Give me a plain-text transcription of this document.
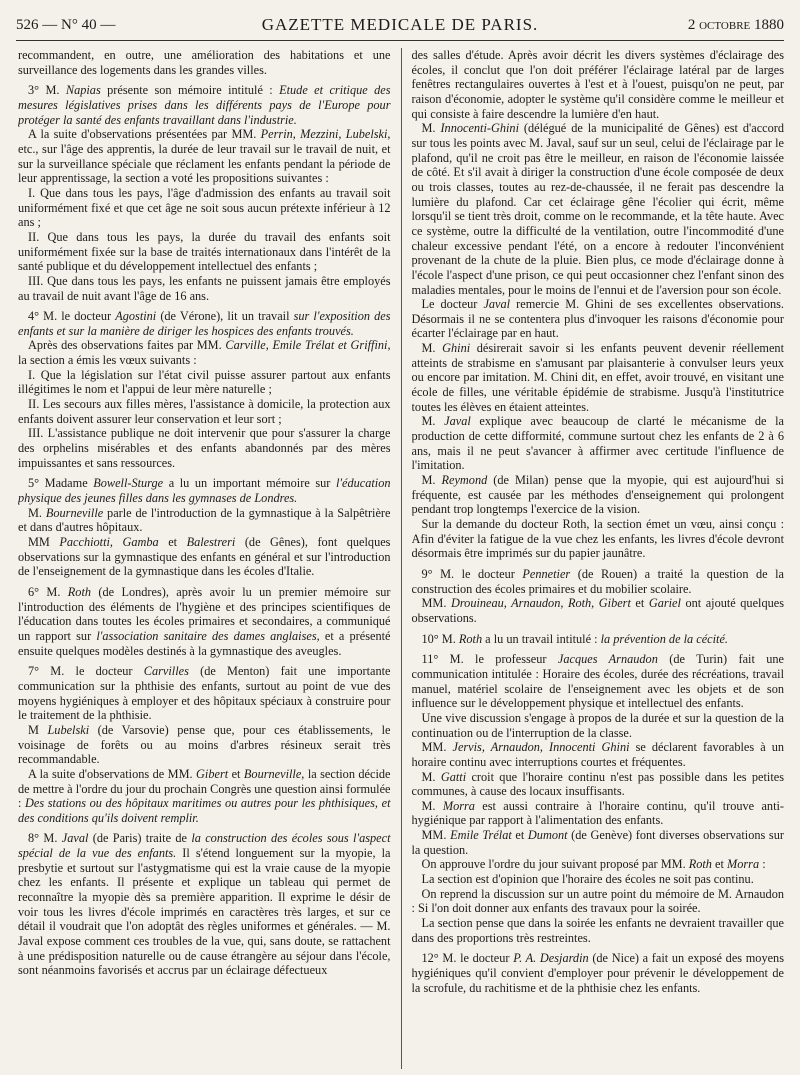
526 — N° 40 —	GAZETTE MEDICALE DE PARIS.	2 octobre 1880

recommandent, en outre, une amélioration des habitations et une surveillance des logements dans les grandes villes.

3° M. Napias présente son mémoire intitulé : Etude et critique des mesures législatives prises dans les différents pays de l'Europe pour protéger la santé des enfants travaillant dans l'industrie.

A la suite d'observations présentées par MM. Perrin, Mezzini, Lubelski, etc., sur l'âge des apprentis, la durée de leur travail sur le travail de nuit, et sur la surveillance spéciale que réclament les enfants pendant la période de leur apprentissage, la section a voté les propositions suivantes :

I. Que dans tous les pays, l'âge d'admission des enfants au travail soit uniformément fixé et que cet âge ne soit sous aucun prétexte inférieur à 12 ans ;

II. Que dans tous les pays, la durée du travail des enfants soit uniformément fixée sur la base de traités internationaux dans l'intérêt de la santé publique et du développement intellectuel des enfants ;

III. Que dans tous les pays, les enfants ne puissent jamais être employés au travail de nuit avant l'âge de 16 ans.

4° M. le docteur Agostini (de Vérone), lit un travail sur l'exposition des enfants et sur la manière de diriger les hospices des enfants trouvés.

Après des observations faites par MM. Carville, Emile Trélat et Griffini, la section a émis les vœux suivants :

I. Que la législation sur l'état civil puisse assurer partout aux enfants illégitimes le nom et l'appui de leur mère naturelle ;

II. Les secours aux filles mères, l'assistance à domicile, la protection aux enfants doivent assurer leur conservation et leur sort ;

III. L'assistance publique ne doit intervenir que pour s'assurer la charge des orphelins misérables et des enfants abandonnés par des mères impuissantes et sans ressources.

5° Madame Bowell-Sturge a lu un important mémoire sur l'éducation physique des jeunes filles dans les gymnases de Londres.

M. Bourneville parle de l'introduction de la gymnastique à la Salpêtrière et dans d'autres hôpitaux.

MM Pacchiotti, Gamba et Balestreri (de Gênes), font quelques observations sur la gymnastique des enfants en général et sur l'introduction de l'enseignement de la gymnastique dans les écoles d'Italie.

6° M. Roth (de Londres), après avoir lu un premier mémoire sur l'introduction des éléments de l'hygiène et des principes scientifiques de l'éducation dans toutes les écoles primaires et secondaires, a communiqué un rapport sur l'association sanitaire des dames anglaises, et a présenté ensuite quelques modèles destinés à la gymnastique des aveugles.

7° M. le docteur Carvilles (de Menton) fait une importante communication sur la phthisie des enfants, surtout au point de vue des moyens hygiéniques à employer et des hôpitaux spéciaux à construire pour le traitement de la phthisie.

M Lubelski (de Varsovie) pense que, pour ces établissements, le voisinage de forêts ou au moins d'arbres résineux serait très recommandable.

A la suite d'observations de MM. Gibert et Bourneville, la section décide de mettre à l'ordre du jour du prochain Congrès une question ainsi formulée : Des stations ou des hôpitaux maritimes ou autres pour les phthisiques, et des conditions qu'ils doivent remplir.

8° M. Javal (de Paris) traite de la construction des écoles sous l'aspect spécial de la vue des enfants. Il s'étend longuement sur la myopie, la presbytie et surtout sur l'astygmatisme qui est la vraie cause de la myopie chez les enfants. Il présente et explique un tableau qui permet de reconnaître la myopie dès sa première apparition. Il exprime le désir de voir tous les livres d'école imprimés en caractères très larges, et sur ce détail il voudrait que l'on adoptât des règles uniformes et générales. — M. Javal expose comment ces troubles de la vue, qui, sans doute, se rattachent à une prédisposition naturelle ou de cause étrangère au séjour dans l'école, sont néanmoins favorisés et accrus par un éclairage défectueux

des salles d'étude. Après avoir décrit les divers systèmes d'éclairage des écoles, il conclut que l'on doit préférer l'éclairage latéral par de larges fenêtres rectangulaires ouvertes à l'est et à l'ouest, puisqu'on ne peut, par raison d'économie, adopter le système qu'il considère comme le meilleur et qui consiste à faire descendre la lumière d'en haut.

M. Innocenti-Ghini (délégué de la municipalité de Gênes) est d'accord sur tous les points avec M. Javal, sauf sur un seul, celui de l'éclairage par le plafond, qu'il ne croit pas être le meilleur, en raison de l'économie laissée de côté. Et s'il avait à diriger la construction d'une école composée de deux ou trois classes, toutes au rez-de-chaussée, il ne ferait pas descendre la lumière du plafond. Car cet éclairage gêne l'écolier qui écrit, même lorsqu'il se tient très droit, comme on le recommande, et la tête haute. Avec ce système, outre la difficulté de la ventilation, outre l'incommodité d'une chaleur excessive pendant l'été, on a encore à redouter l'inconvénient provenant de la chute de la pluie. Bien plus, ce mode d'éclairage donne à l'école l'aspect d'une prison, ce qui peut occasionner chez l'enfant sinon des maladies mentales, pour le moins de l'ennui et de l'aversion pour son école.

Le docteur Javal remercie M. Ghini de ses excellentes observations. Désormais il ne se contentera plus d'invoquer les raisons d'économie pour écarter l'éclairage par en haut.

M. Ghini désirerait savoir si les enfants peuvent devenir réellement atteints de strabisme en s'amusant par plaisanterie à convulser leurs yeux ou encore par imitation. M. Chini dit, en effet, avoir trouvé, en visitant une école de filles, une véritable épidémie de strabisme. Jusqu'à l'institutrice toutes les élèves en étaient atteintes.

M. Javal explique avec beaucoup de clarté le mécanisme de la production de cette difformité, commune surtout chez les enfants de 2 à 6 ans, mais il ne peut s'avancer à affirmer avec certitude l'influence de l'imitation.

M. Reymond (de Milan) pense que la myopie, qui est aujourd'hui si fréquente, est causée par les méthodes d'enseignement qui prolongent pendant trop longtemps l'exercice de la vision.

Sur la demande du docteur Roth, la section émet un vœu, ainsi conçu : Afin d'éviter la fatigue de la vue chez les enfants, les livres d'école devront désormais être imprimés sur du papier jaunâtre.

9° M. le docteur Pennetier (de Rouen) a traité la question de la construction des écoles primaires et du mobilier scolaire.

MM. Drouineau, Arnaudon, Roth, Gibert et Gariel ont ajouté quelques observations.

10° M. Roth a lu un travail intitulé : la prévention de la cécité.

11° M. le professeur Jacques Arnaudon (de Turin) fait une communication intitulée : Horaire des écoles, durée des récréations, travail manuel, matériel scolaire de l'enseignement avec les objets et de son influence sur le développement physique et intellectuel des enfants.

Une vive discussion s'engage à propos de la durée et sur la question de la continuation ou de l'interruption de la classe.

MM. Jervis, Arnaudon, Innocenti Ghini se déclarent favorables à un horaire continu avec interruptions courtes et fréquentes.

M. Gatti croit que l'horaire continu n'est pas possible dans les petites communes, à cause des locaux insuffisants.

M. Morra est aussi contraire à l'horaire continu, qu'il trouve anti-hygiénique par rapport à l'alimentation des enfants.

MM. Emile Trélat et Dumont (de Genève) font diverses observations sur la question.

On approuve l'ordre du jour suivant proposé par MM. Roth et Morra :

La section est d'opinion que l'horaire des écoles ne soit pas continu.

On reprend la discussion sur un autre point du mémoire de M. Arnaudon : Si l'on doit donner aux enfants des travaux pour la soirée.

La section pense que dans la soirée les enfants ne devraient travailler que dans des proportions très restreintes.

12° M. le docteur P. A. Desjardin (de Nice) a fait un exposé des moyens hygiéniques qu'il convient d'employer pour prévenir le développement de la scrofule, du rachitisme et de la phthisie chez les enfants.
